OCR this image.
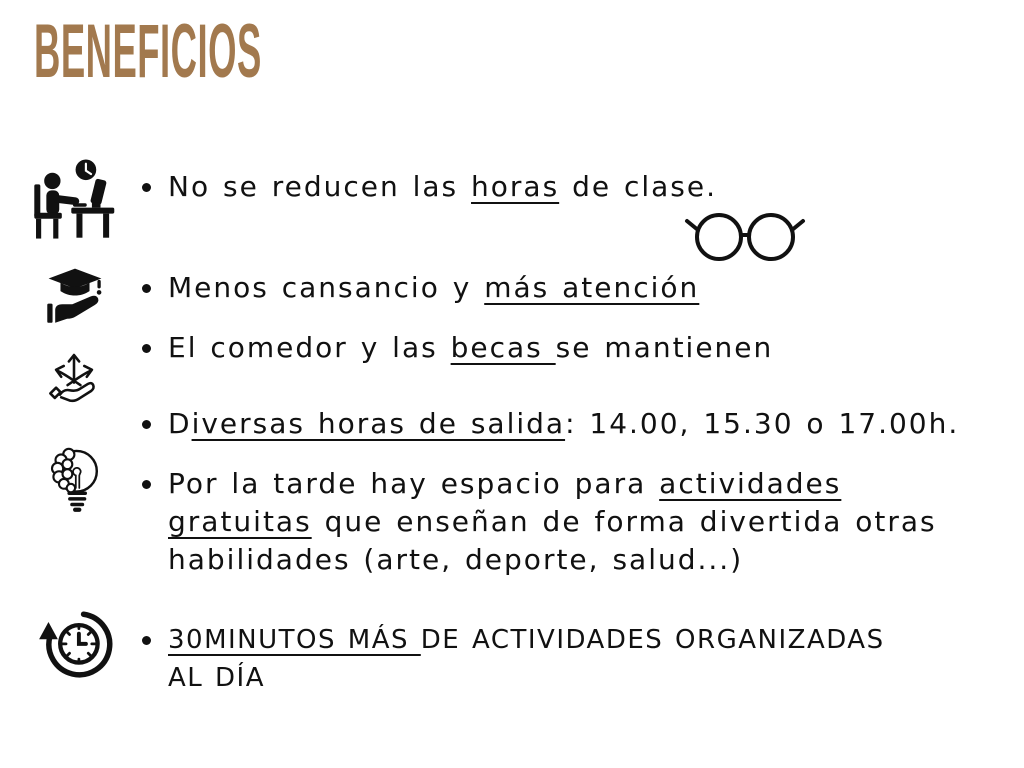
BENEFICIOS
No se reducen las horas de clase.
Menos cansancio y más atención
El comedor y las becas se mantienen
Diversas horas de salida: 14.00, 15.30 o 17.00h.
Por la tarde hay espacio para actividades
gratuitas que enseñan de forma divertida otras
habilidades (arte, deporte, salud...)
30MINUTOS MÁS DE ACTIVIDADES ORGANIZADAS
AL DÍA
